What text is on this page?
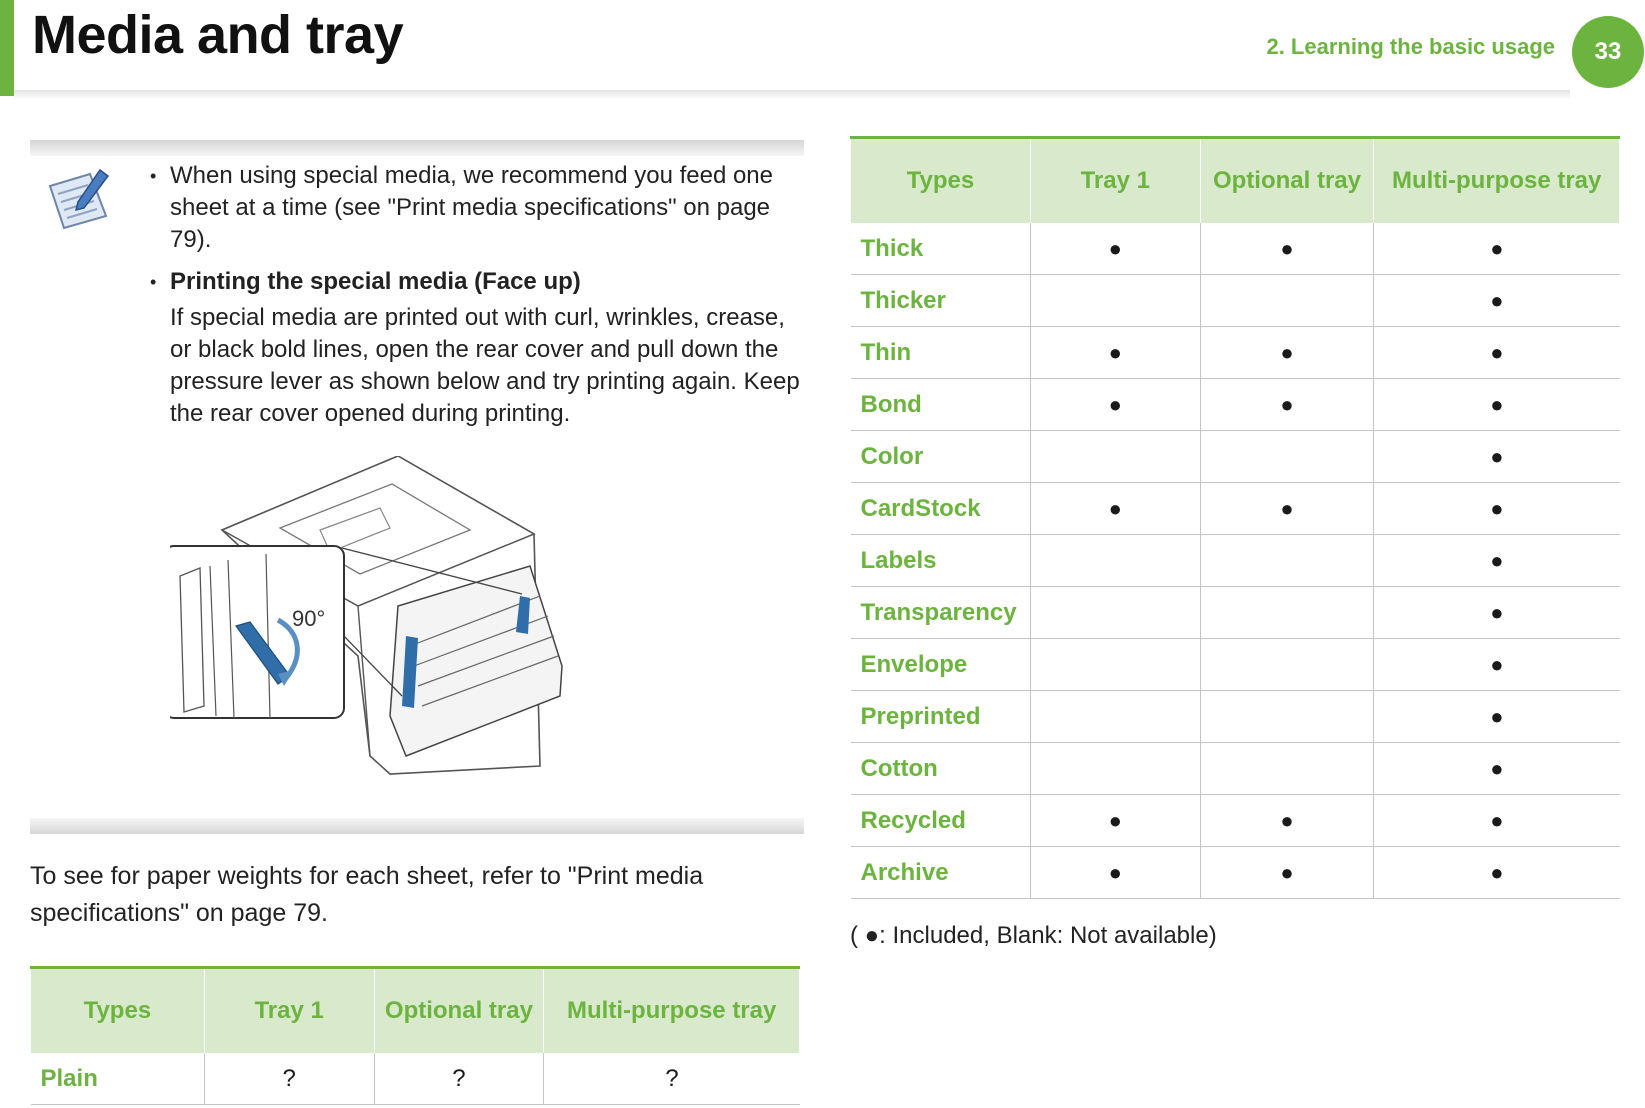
Media and tray	2. Learning the basic usage	33
• When using special media, we recommend you feed one sheet at a time (see "Print media specifications" on page 79).
• Printing the special media (Face up)
If special media are printed out with curl, wrinkles, crease, or black bold lines, open the rear cover and pull down the pressure lever as shown below and try printing again. Keep the rear cover opened during printing.
90°
To see for paper weights for each sheet, refer to "Print media specifications" on page 79.
Types	Tray 1	Optional tray	Multi-purpose tray
Plain	?	?	?
Types	Tray 1	Optional tray	Multi-purpose tray
Thick	●	●	●
Thicker			●
Thin	●	●	●
Bond	●	●	●
Color			●
CardStock	●	●	●
Labels			●
Transparency			●
Envelope			●
Preprinted			●
Cotton			●
Recycled	●	●	●
Archive	●	●	●
( ●: Included, Blank: Not available)
